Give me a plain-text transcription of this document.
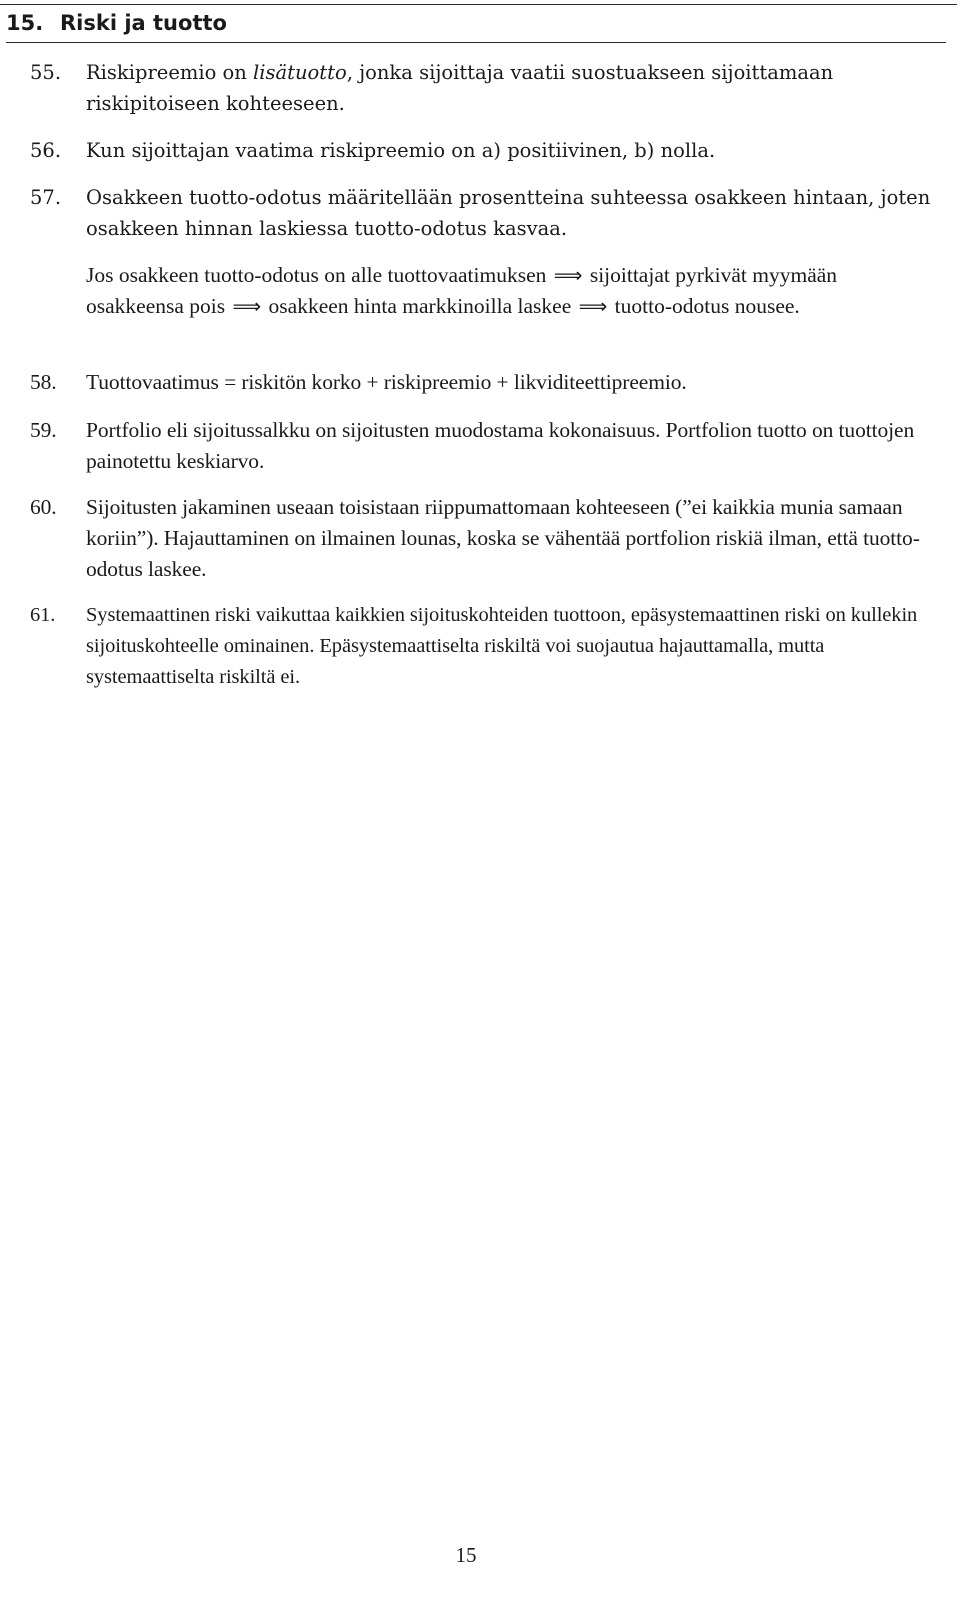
15. Riski ja tuotto
55.	Riskipreemio on lisätuotto, jonka sijoittaja vaatii suostuakseen sijoittamaan riskipitoiseen kohteeseen.
56.	Kun sijoittajan vaatima riskipreemio on a) positiivinen, b) nolla.
57.	Osakkeen tuotto-odotus määritellään prosentteina suhteessa osakkeen hintaan, joten osakkeen hinnan laskiessa tuotto-odotus kasvaa.
Jos osakkeen tuotto-odotus on alle tuottovaatimuksen ⟹ sijoittajat pyrkivät myymään osakkeensa pois ⟹ osakkeen hinta markkinoilla laskee ⟹ tuotto-odotus nousee.
58.	Tuottovaatimus = riskitön korko + riskipreemio + likviditeettipreemio.
59.	Portfolio eli sijoitussalkku on sijoitusten muodostama kokonaisuus. Portfolion tuotto on tuottojen painotettu keskiarvo.
60.	Sijoitusten jakaminen useaan toisistaan riippumattomaan kohteeseen (”ei kaikkia munia samaan koriin”). Hajauttaminen on ilmainen lounas, koska se vähentää portfolion riskiä ilman, että tuotto-odotus laskee.
61.	Systemaattinen riski vaikuttaa kaikkien sijoituskohteiden tuottoon, epäsystemaattinen riski on kullekin sijoituskohteelle ominainen. Epäsystemaattiselta riskiltä voi suojautua hajauttamalla, mutta systemaattiselta riskiltä ei.
15
